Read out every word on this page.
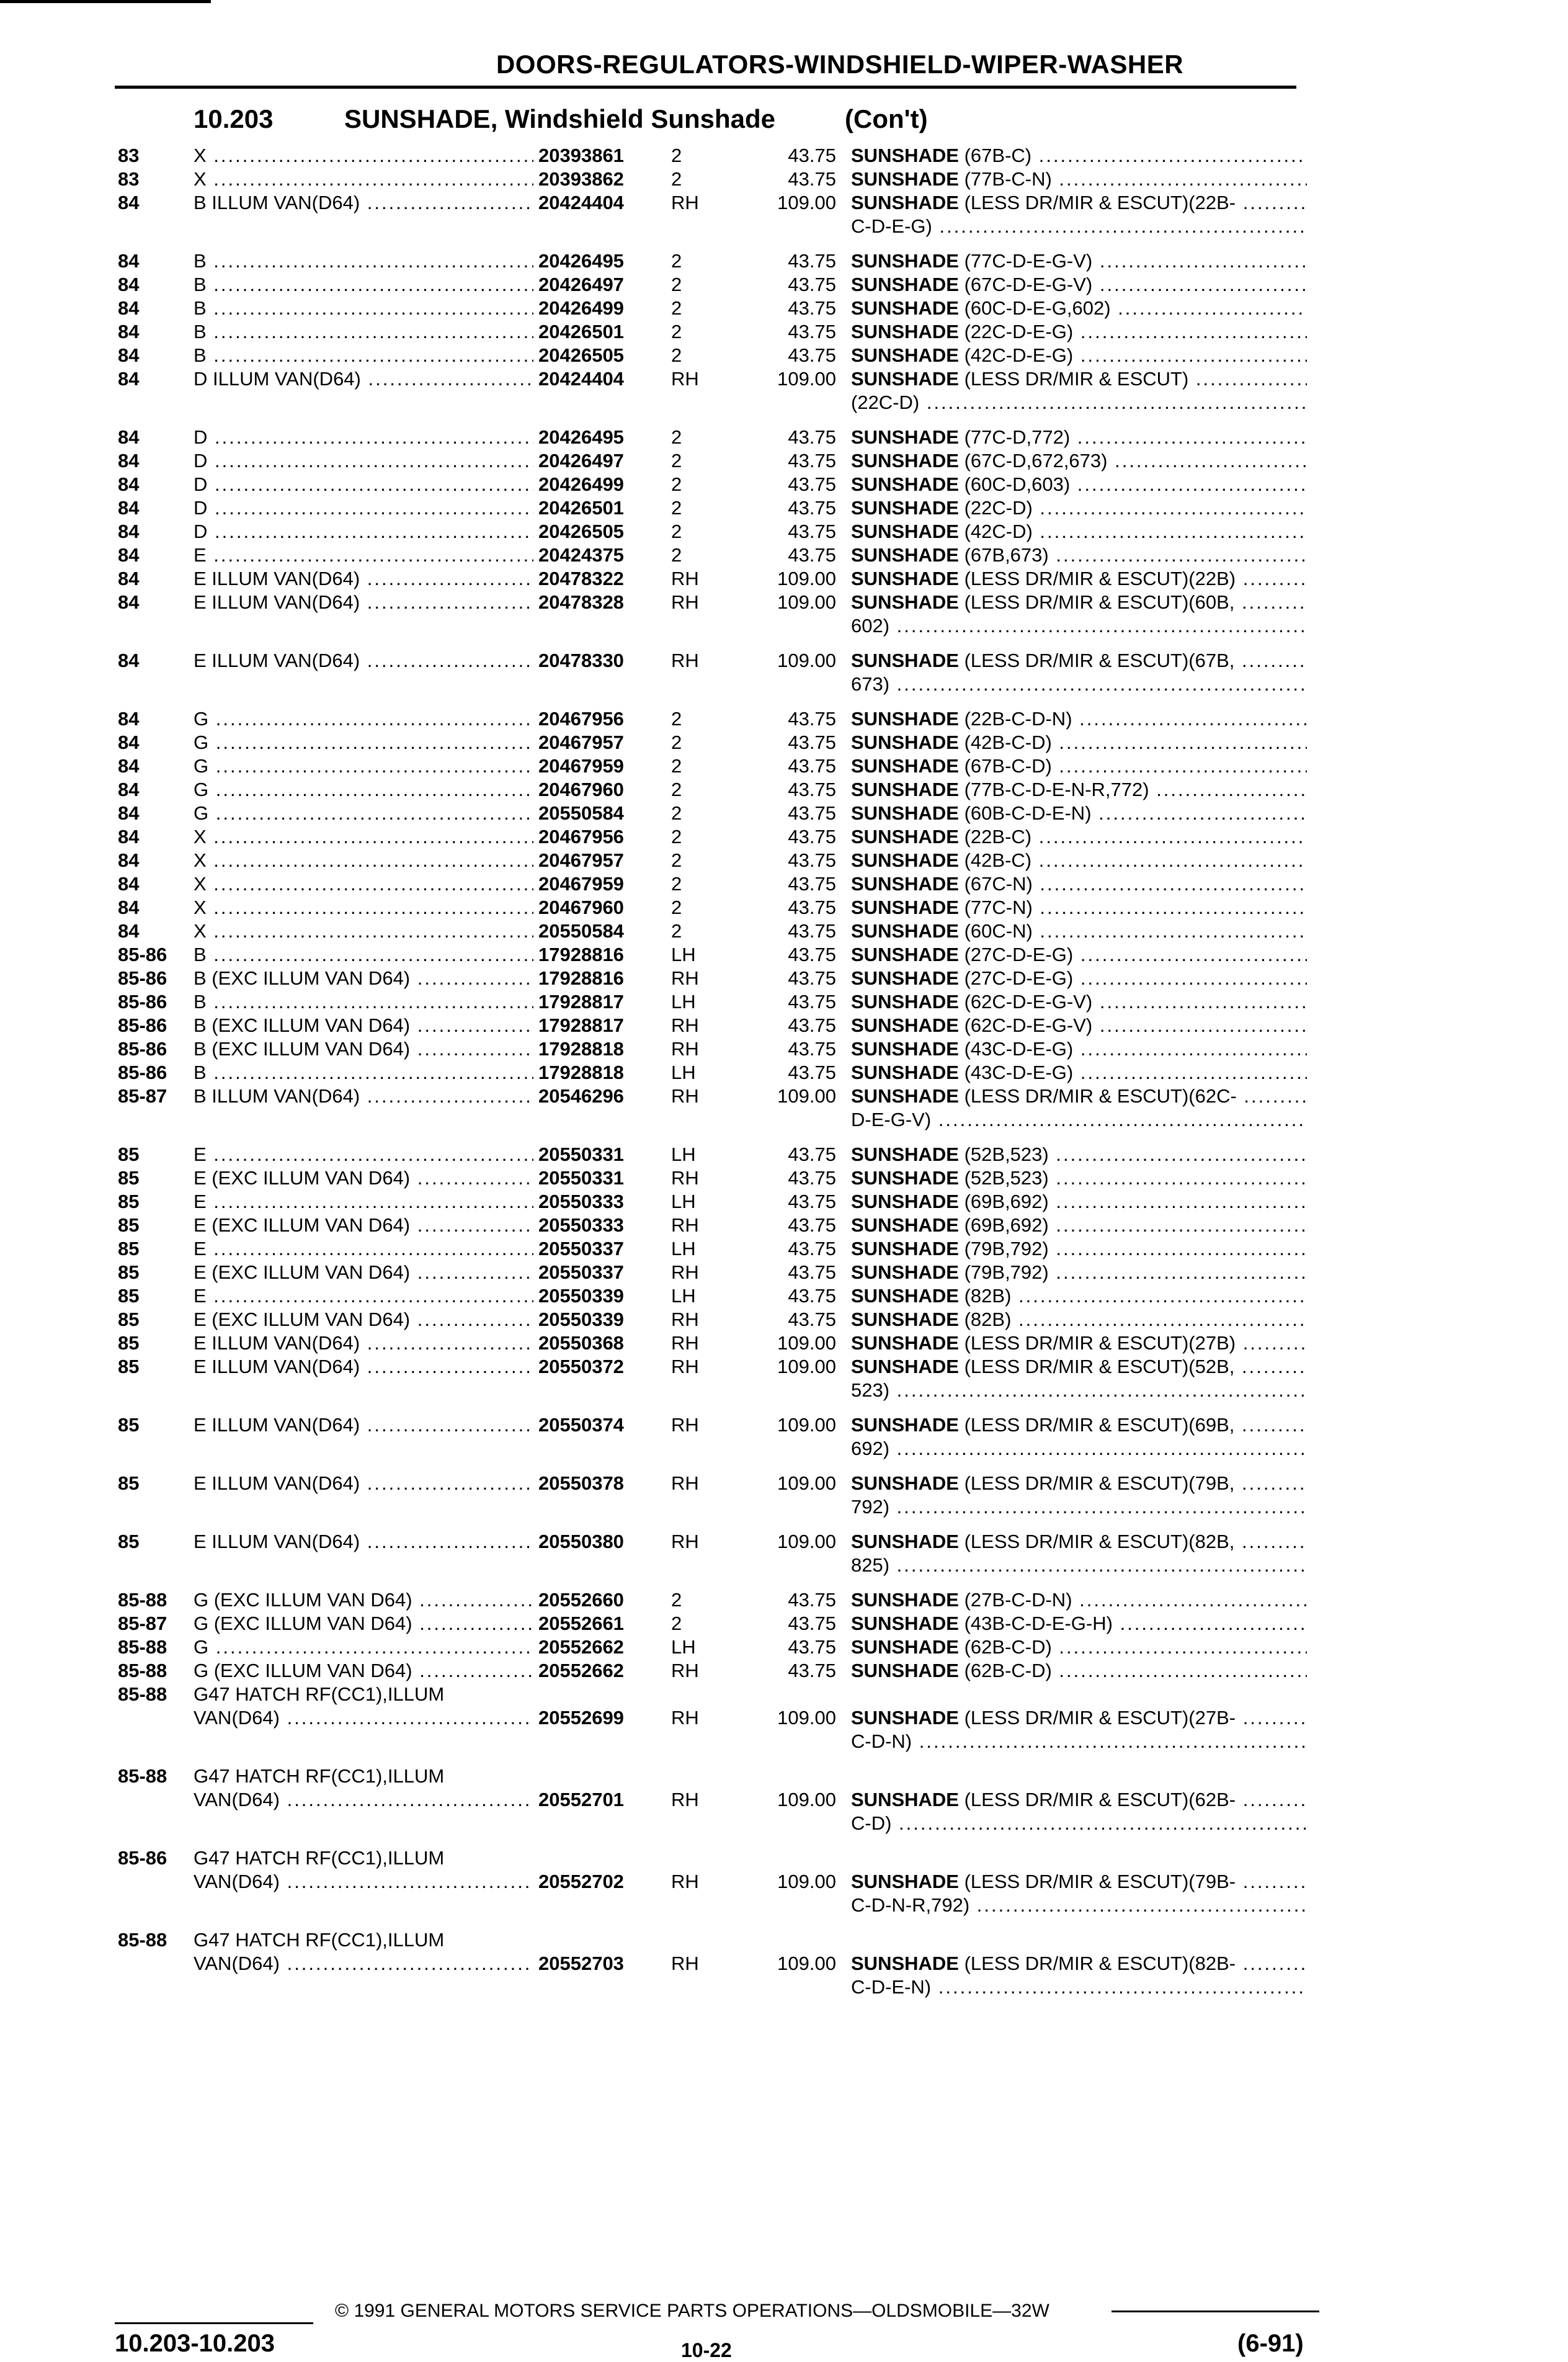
DOORS-REGULATORS-WINDSHIELD-WIPER-WASHER
10.203	SUNSHADE, Windshield Sunshade	(Con't)
83	X .....	20393861 2	43.75 SUNSHADE (67B-C) .....
83	X .....	20393862 2	43.75 SUNSHADE (77B-C-N) .....
84	B ILLUM VAN(D64) .....	20424404 RH	109.00 SUNSHADE (LESS DR/MIR & ESCUT)(22B- .....
C-D-E-G) .....
84	B .....	20426495 2	43.75 SUNSHADE (77C-D-E-G-V) .....
84	B .....	20426497 2	43.75 SUNSHADE (67C-D-E-G-V) .....
84	B .....	20426499 2	43.75 SUNSHADE (60C-D-E-G,602) .....
84	B .....	20426501 2	43.75 SUNSHADE (22C-D-E-G) .....
84	B .....	20426505 2	43.75 SUNSHADE (42C-D-E-G) .....
84	D ILLUM VAN(D64) .....	20424404 RH	109.00 SUNSHADE (LESS DR/MIR & ESCUT) .....
(22C-D) .....
84	D .....	20426495 2	43.75 SUNSHADE (77C-D,772) .....
84	D .....	20426497 2	43.75 SUNSHADE (67C-D,672,673) .....
84	D .....	20426499 2	43.75 SUNSHADE (60C-D,603) .....
84	D .....	20426501 2	43.75 SUNSHADE (22C-D) .....
84	D .....	20426505 2	43.75 SUNSHADE (42C-D) .....
84	E .....	20424375 2	43.75 SUNSHADE (67B,673) .....
84	E ILLUM VAN(D64) .....	20478322 RH	109.00 SUNSHADE (LESS DR/MIR & ESCUT)(22B) .....
84	E ILLUM VAN(D64) .....	20478328 RH	109.00 SUNSHADE (LESS DR/MIR & ESCUT)(60B, .....
602) .....
84	E ILLUM VAN(D64) .....	20478330 RH	109.00 SUNSHADE (LESS DR/MIR & ESCUT)(67B, .....
673) .....
84	G .....	20467956 2	43.75 SUNSHADE (22B-C-D-N) .....
84	G .....	20467957 2	43.75 SUNSHADE (42B-C-D) .....
84	G .....	20467959 2	43.75 SUNSHADE (67B-C-D) .....
84	G .....	20467960 2	43.75 SUNSHADE (77B-C-D-E-N-R,772) .....
84	G .....	20550584 2	43.75 SUNSHADE (60B-C-D-E-N) .....
84	X .....	20467956 2	43.75 SUNSHADE (22B-C) .....
84	X .....	20467957 2	43.75 SUNSHADE (42B-C) .....
84	X .....	20467959 2	43.75 SUNSHADE (67C-N) .....
84	X .....	20467960 2	43.75 SUNSHADE (77C-N) .....
84	X .....	20550584 2	43.75 SUNSHADE (60C-N) .....
85-86 B .....	17928816 LH	43.75 SUNSHADE (27C-D-E-G) .....
85-86 B (EXC ILLUM VAN D64) .....	17928816 RH	43.75 SUNSHADE (27C-D-E-G) .....
85-86 B .....	17928817 LH	43.75 SUNSHADE (62C-D-E-G-V) .....
85-86 B (EXC ILLUM VAN D64) .....	17928817 RH	43.75 SUNSHADE (62C-D-E-G-V) .....
85-86 B (EXC ILLUM VAN D64) .....	17928818 RH	43.75 SUNSHADE (43C-D-E-G) .....
85-86 B .....	17928818 LH	43.75 SUNSHADE (43C-D-E-G) .....
85-87 B ILLUM VAN(D64) .....	20546296 RH	109.00 SUNSHADE (LESS DR/MIR & ESCUT)(62C- .....
D-E-G-V) .....
85	E .....	20550331 LH	43.75 SUNSHADE (52B,523) .....
85	E (EXC ILLUM VAN D64) .....	20550331 RH	43.75 SUNSHADE (52B,523) .....
85	E .....	20550333 LH	43.75 SUNSHADE (69B,692) .....
85	E (EXC ILLUM VAN D64) .....	20550333 RH	43.75 SUNSHADE (69B,692) .....
85	E .....	20550337 LH	43.75 SUNSHADE (79B,792) .....
85	E (EXC ILLUM VAN D64) .....	20550337 RH	43.75 SUNSHADE (79B,792) .....
85	E .....	20550339 LH	43.75 SUNSHADE (82B) .....
85	E (EXC ILLUM VAN D64) .....	20550339 RH	43.75 SUNSHADE (82B) .....
85	E ILLUM VAN(D64) .....	20550368 RH	109.00 SUNSHADE (LESS DR/MIR & ESCUT)(27B) .....
85	E ILLUM VAN(D64) .....	20550372 RH	109.00 SUNSHADE (LESS DR/MIR & ESCUT)(52B, .....
523) .....
85	E ILLUM VAN(D64) .....	20550374 RH	109.00 SUNSHADE (LESS DR/MIR & ESCUT)(69B, .....
692) .....
85	E ILLUM VAN(D64) .....	20550378 RH	109.00 SUNSHADE (LESS DR/MIR & ESCUT)(79B, .....
792) .....
85	E ILLUM VAN(D64) .....	20550380 RH	109.00 SUNSHADE (LESS DR/MIR & ESCUT)(82B, .....
825) .....
85-88 G (EXC ILLUM VAN D64) .....	20552660 2	43.75 SUNSHADE (27B-C-D-N) .....
85-87 G (EXC ILLUM VAN D64) .....	20552661 2	43.75 SUNSHADE (43B-C-D-E-G-H) .....
85-88 G .....	20552662 LH	43.75 SUNSHADE (62B-C-D) .....
85-88 G (EXC ILLUM VAN D64) .....	20552662 RH	43.75 SUNSHADE (62B-C-D) .....
85-88 G47 HATCH RF(CC1),ILLUM
VAN(D64) .....	20552699 RH	109.00 SUNSHADE (LESS DR/MIR & ESCUT)(27B- .....
C-D-N) .....
85-88 G47 HATCH RF(CC1),ILLUM
VAN(D64) .....	20552701 RH	109.00 SUNSHADE (LESS DR/MIR & ESCUT)(62B- .....
C-D) .....
85-86 G47 HATCH RF(CC1),ILLUM
VAN(D64) .....	20552702 RH	109.00 SUNSHADE (LESS DR/MIR & ESCUT)(79B- .....
C-D-N-R,792) .....
85-88 G47 HATCH RF(CC1),ILLUM
VAN(D64) .....	20552703 RH	109.00 SUNSHADE (LESS DR/MIR & ESCUT)(82B- .....
C-D-E-N) .....
© 1991 GENERAL MOTORS SERVICE PARTS OPERATIONS—OLDSMOBILE—32W
10.203-10.203	10-22	(6-91)
